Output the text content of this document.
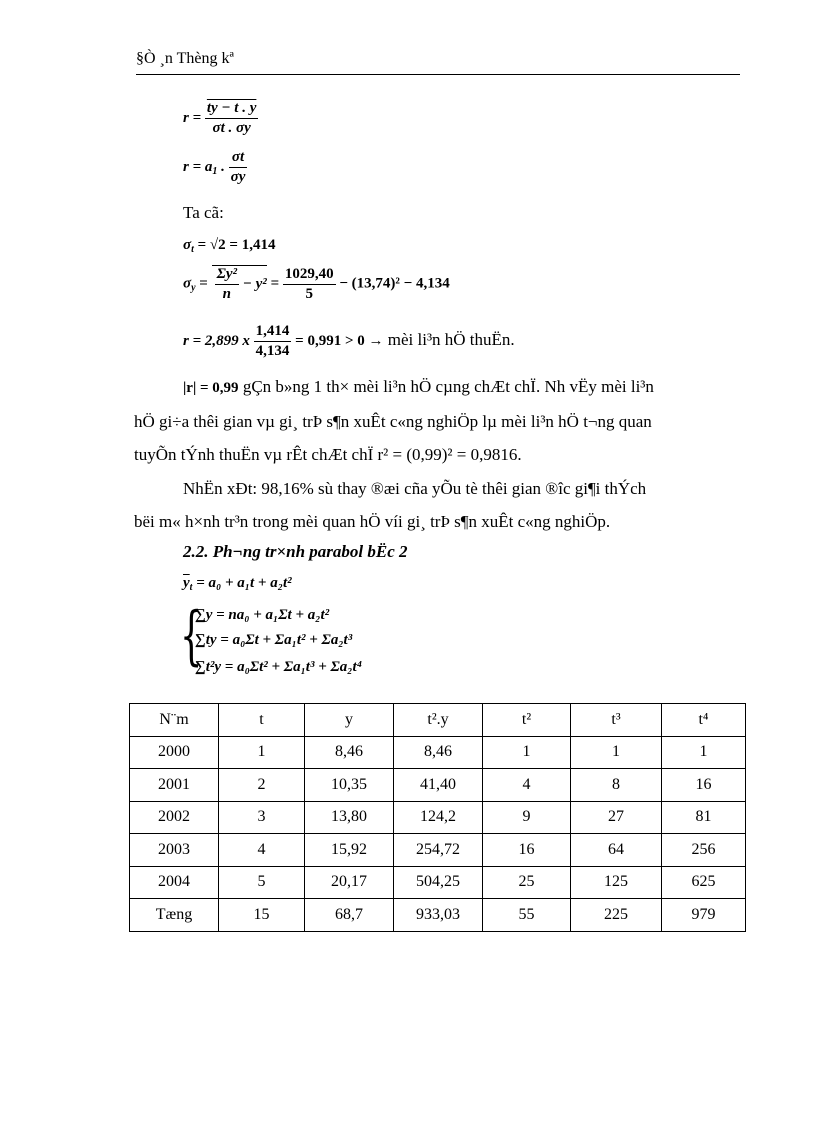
§Ò ¸n Thèng kª
$r = \frac{ty - t . y}{\sigma t . \sigma y}$
$r = a_1$ . $\frac{\sigma t}{\sigma y}$
Ta cã:
$\sigma_t = √2 = 1,414$
$\sigma_y = \frac{\text{Σy²}}{n} - y^2 = \frac{1029,40}{5} - (13,74)^2 - 4,134$
r = 2,899 x $\frac{1,414}{4,134} = 0,991 > 0$ → mèi li³n hÖ thuËn.
|r| = 0,99 gÇn b»ng 1 th× mèi li³n hÖ cµng chÆt chÏ. Nh vËy mèi li³n
hÖ gi÷a thêi gian vµ gi¸ trÞ s¶n xuÊt c«ng nghiÖp lµ mèi li³n hÖ t¬ng quan
tuyÕn tÝnh thuËn vµ rÊt chÆt chÏ r² = (0,99)² = 0,9816.
NhËn xÐt: 98,16% sù thay ®æi cña yÕu tè thêi gian ®îc gi¶i thÝch
bëi m« h×nh tr³n trong mèi quan hÖ víi gi¸ trÞ s¶n xuÊt c«ng nghiÖp.
2.2. Ph¬ng tr×nh parabol bËc 2
$\overline{y}_t = a_0 + a_1t + a_2t^2$
{
∑y = na₀ + a₁Σt + a₂t²
∑ty = a₀Σt + Σa₁t² + Σa₂t³
∑t²y = a₀Σt² + Σa₁t³ + Σa₂t⁴
N¨m	t	y	t².y	t²	t³	t⁴
2000	1	8,46	8,46	1	1	1
2001	2	10,35	41,40	4	8	16
2002	3	13,80	124,2	9	27	81
2003	4	15,92	254,72	16	64	256
2004	5	20,17	504,25	25	125	625
Tæng	15	68,7	933,03	55	225	979
